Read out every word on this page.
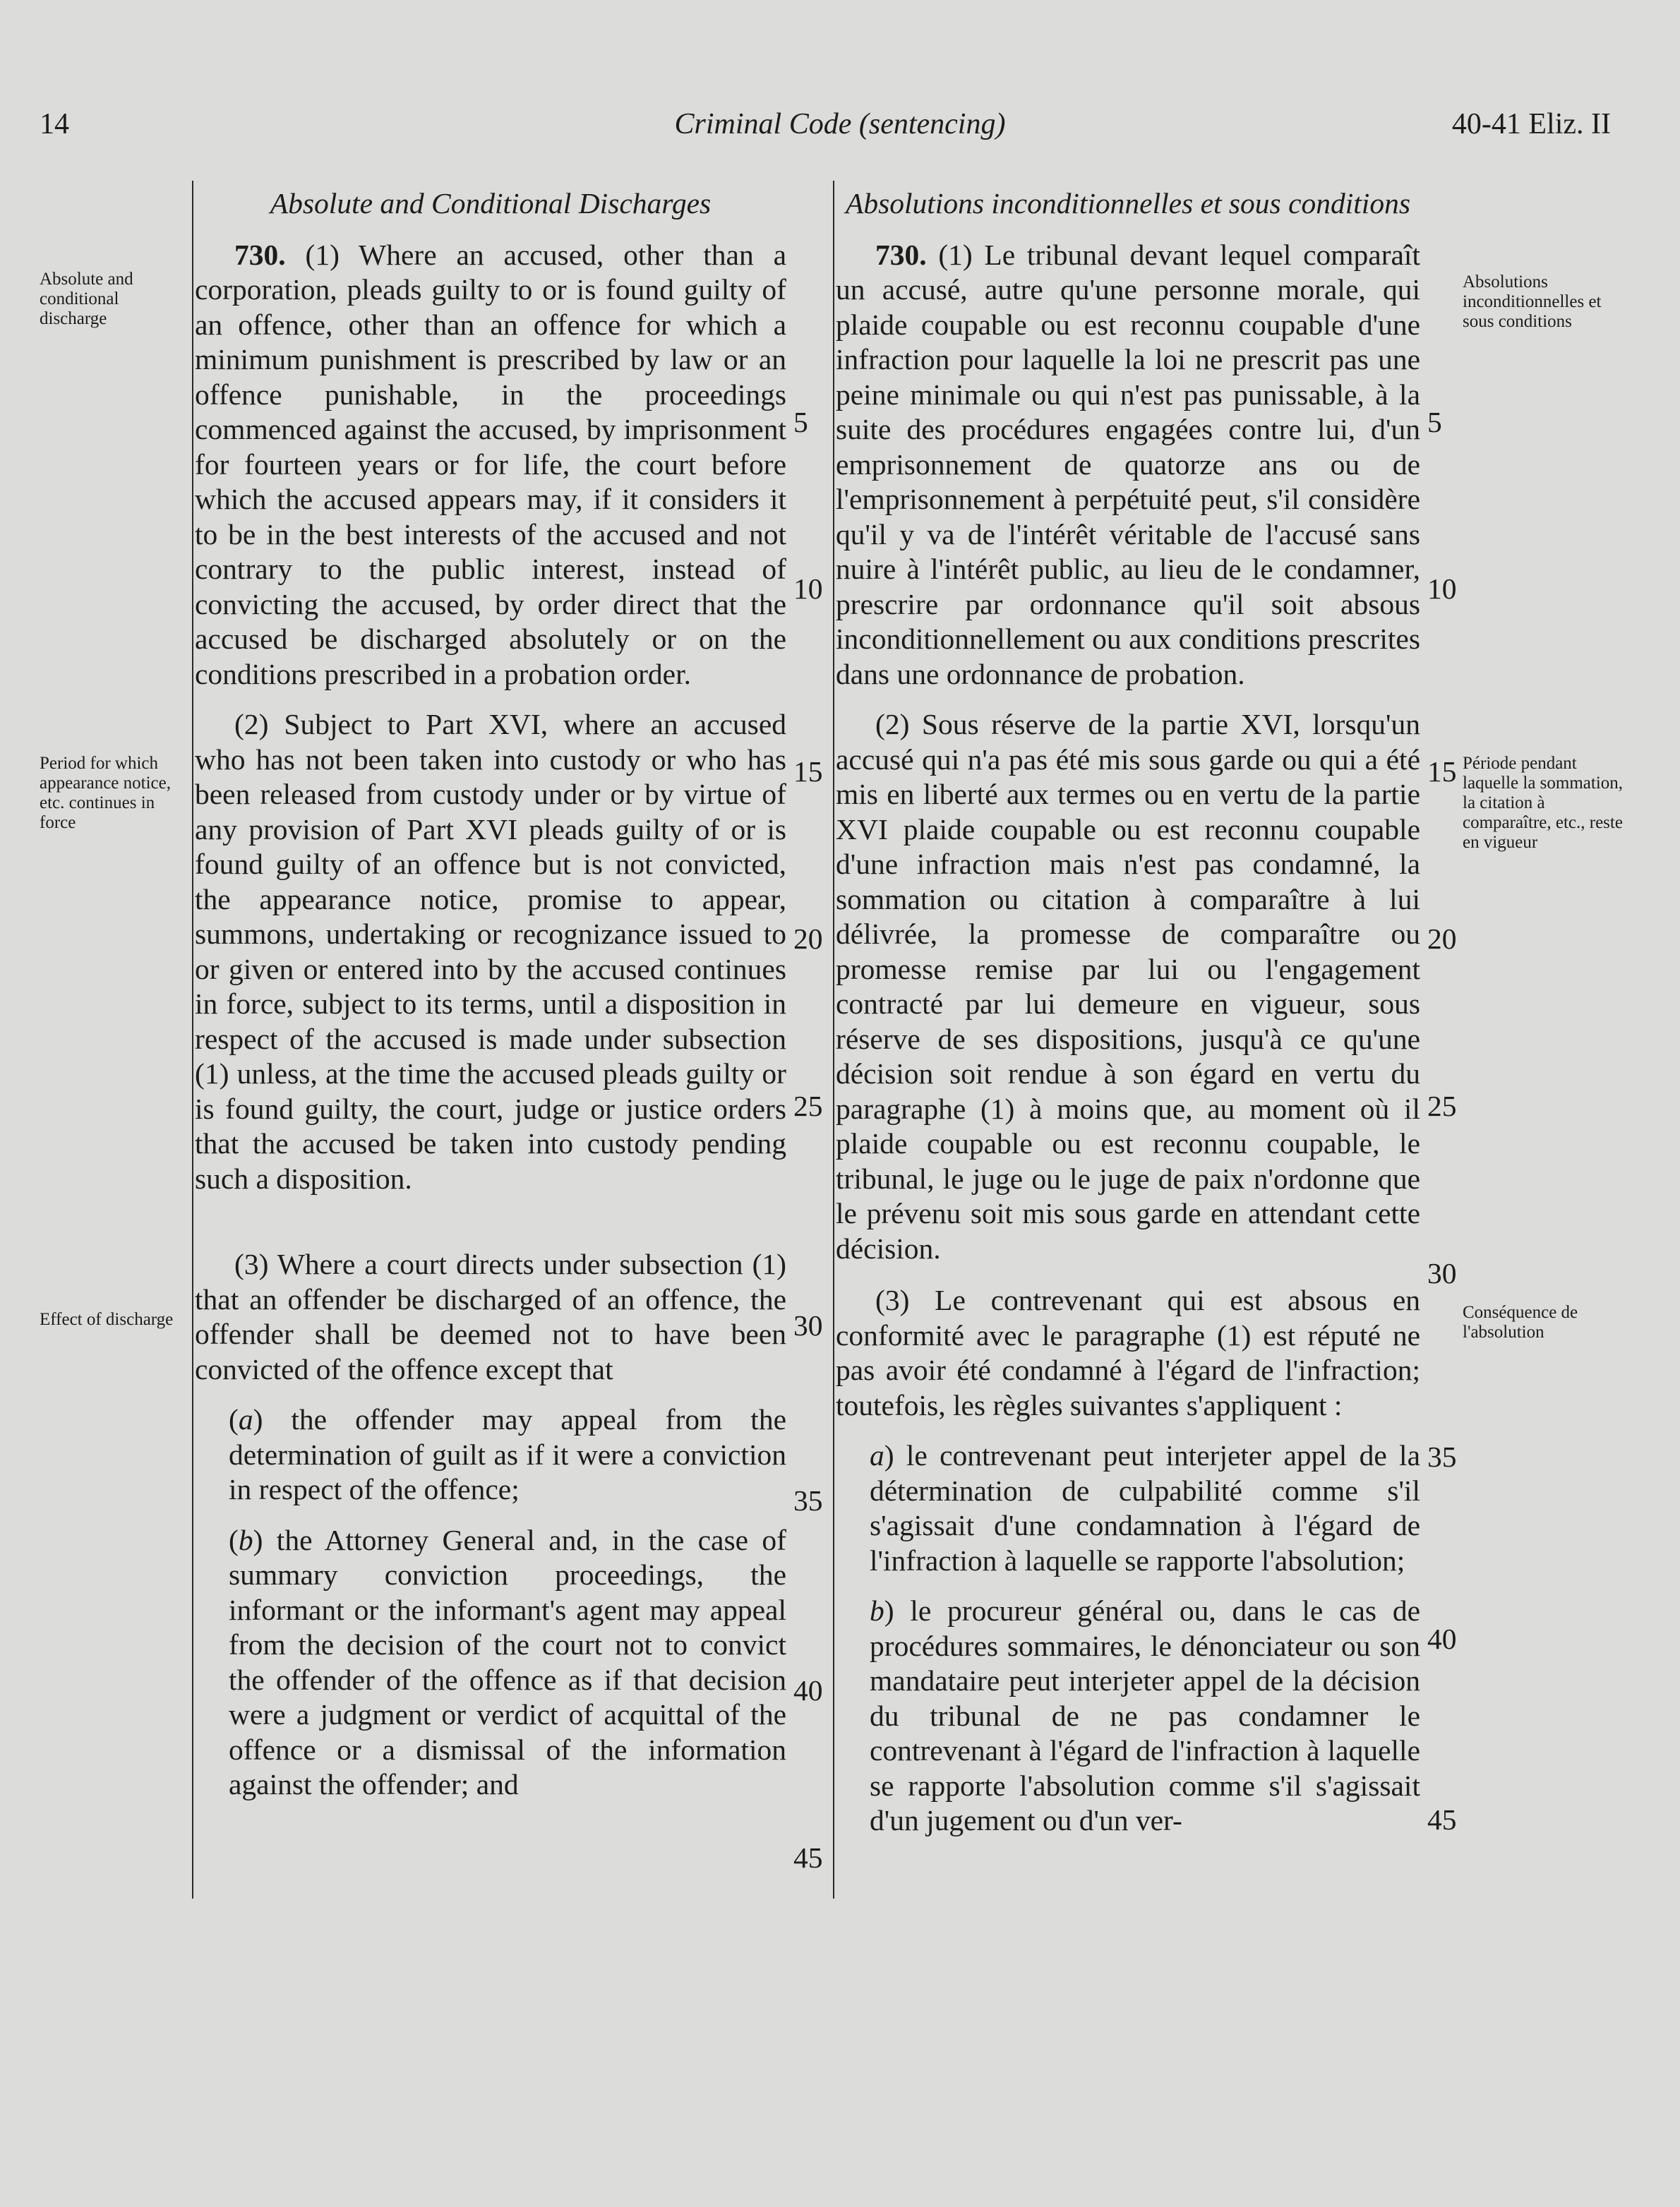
14	Criminal Code (sentencing)	40-41 Eliz. II
Absolute and conditional discharge
Period for which appearance notice, etc. continues in force
Effect of discharge
Absolutions inconditionnelles et sous conditions
Période pendant laquelle la sommation, la citation à comparaître, etc., reste en vigueur
Conséquence de l'absolution
Absolute and Conditional Discharges

730. (1) Where an accused, other than a corporation, pleads guilty to or is found guilty of an offence, other than an offence for which a minimum punishment is prescribed by law or an offence punishable, in the proceedings commenced against the accused, by imprisonment for fourteen years or for life, the court before which the accused appears may, if it considers it to be in the best interests of the accused and not contrary to the public interest, instead of convicting the accused, by order direct that the accused be discharged absolutely or on the conditions prescribed in a probation order.

(2) Subject to Part XVI, where an accused who has not been taken into custody or who has been released from custody under or by virtue of any provision of Part XVI pleads guilty of or is found guilty of an offence but is not convicted, the appearance notice, promise to appear, summons, undertaking or recognizance issued to or given or entered into by the accused continues in force, subject to its terms, until a disposition in respect of the accused is made under subsection (1) unless, at the time the accused pleads guilty or is found guilty, the court, judge or justice orders that the accused be taken into custody pending such a disposition.

(3) Where a court directs under subsection (1) that an offender be discharged of an offence, the offender shall be deemed not to have been convicted of the offence except that

(a) the offender may appeal from the determination of guilt as if it were a conviction in respect of the offence;

(b) the Attorney General and, in the case of summary conviction proceedings, the informant or the informant's agent may appeal from the decision of the court not to convict the offender of the offence as if that decision were a judgment or verdict of acquittal of the offence or a dismissal of the information against the offender; and

Absolutions inconditionnelles et sous conditions

730. (1) Le tribunal devant lequel comparaît un accusé, autre qu'une personne morale, qui plaide coupable ou est reconnu coupable d'une infraction pour laquelle la loi ne prescrit pas une peine minimale ou qui n'est pas punissable, à la suite des procédures engagées contre lui, d'un emprisonnement de quatorze ans ou de l'emprisonnement à perpétuité peut, s'il considère qu'il y va de l'intérêt véritable de l'accusé sans nuire à l'intérêt public, au lieu de le condamner, prescrire par ordonnance qu'il soit absous inconditionnellement ou aux conditions prescrites dans une ordonnance de probation.

(2) Sous réserve de la partie XVI, lorsqu'un accusé qui n'a pas été mis sous garde ou qui a été mis en liberté aux termes ou en vertu de la partie XVI plaide coupable ou est reconnu coupable d'une infraction mais n'est pas condamné, la sommation ou citation à comparaître à lui délivrée, la promesse de comparaître ou promesse remise par lui ou l'engagement contracté par lui demeure en vigueur, sous réserve de ses dispositions, jusqu'à ce qu'une décision soit rendue à son égard en vertu du paragraphe (1) à moins que, au moment où il plaide coupable ou est reconnu coupable, le tribunal, le juge ou le juge de paix n'ordonne que le prévenu soit mis sous garde en attendant cette décision.

(3) Le contrevenant qui est absous en conformité avec le paragraphe (1) est réputé ne pas avoir été condamné à l'égard de l'infraction; toutefois, les règles suivantes s'appliquent :

a) le contrevenant peut interjeter appel de la détermination de culpabilité comme s'il s'agissait d'une condamnation à l'égard de l'infraction à laquelle se rapporte l'absolution;

b) le procureur général ou, dans le cas de procédures sommaires, le dénonciateur ou son mandataire peut interjeter appel de la décision du tribunal de ne pas condamner le contrevenant à l'égard de l'infraction à laquelle se rapporte l'absolution comme s'il s'agissait d'un jugement ou d'un ver-

5
10
15
20
25
30
35
40
45
5
10
15
20
25
30
35
40
45
